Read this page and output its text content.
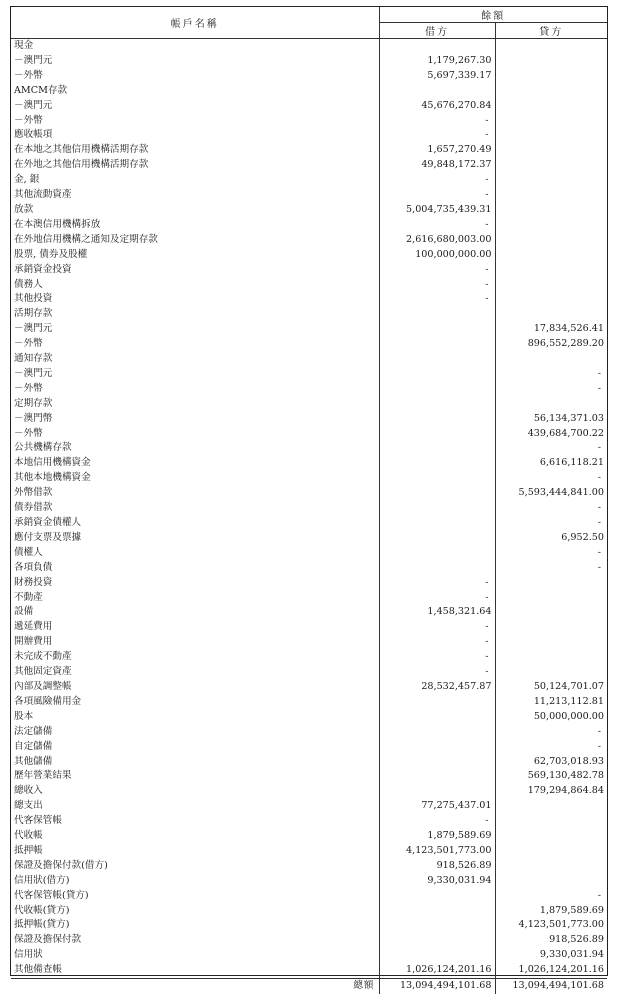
帳戶名稱	餘額	
	借方	貸方
現金		
－澳門元	1,179,267.30	
－外幣	5,697,339.17	
AMCM存款		
－澳門元	45,676,270.84	
－外幣	-	
應收帳項	-	
在本地之其他信用機構活期存款	1,657,270.49	
在外地之其他信用機構活期存款	49,848,172.37	
金, 銀	-	
其他流動資產	-	
放款	5,004,735,439.31	
在本澳信用機構拆放	-	
在外地信用機構之通知及定期存款	2,616,680,003.00	
股票, 債券及股權	100,000,000.00	
承銷資金投資	-	
債務人	-	
其他投資	-	
活期存款		
－澳門元		17,834,526.41
－外幣		896,552,289.20
通知存款		
－澳門元		-
－外幣		-
定期存款		
－澳門幣		56,134,371.03
－外幣		439,684,700.22
公共機構存款		-
本地信用機構資金		6,616,118.21
其他本地機構資金		-
外幣借款		5,593,444,841.00
債券借款		-
承銷資金債權人		-
應付支票及票據		6,952.50
債權人		-
各項負債		-
財務投資	-	
不動產	-	
設備	1,458,321.64	
遞延費用	-	
開辦費用	-	
未完成不動產	-	
其他固定資產	-	
內部及調整帳	28,532,457.87	50,124,701.07
各項風險備用金		11,213,112.81
股本		50,000,000.00
法定儲備		-
自定儲備		-
其他儲備		62,703,018.93
歷年營業結果		569,130,482.78
總收入		179,294,864.84
總支出	77,275,437.01	
代客保管帳	-	
代收帳	1,879,589.69	
抵押帳	4,123,501,773.00	
保證及擔保付款(借方)	918,526.89	
信用狀(借方)	9,330,031.94	
代客保管帳(貸方)		-
代收帳(貸方)		1,879,589.69
抵押帳(貸方)		4,123,501,773.00
保證及擔保付款		918,526.89
信用狀		9,330,031.94
其他備查帳	1,026,124,201.16	1,026,124,201.16
總額	13,094,494,101.68	13,094,494,101.68
